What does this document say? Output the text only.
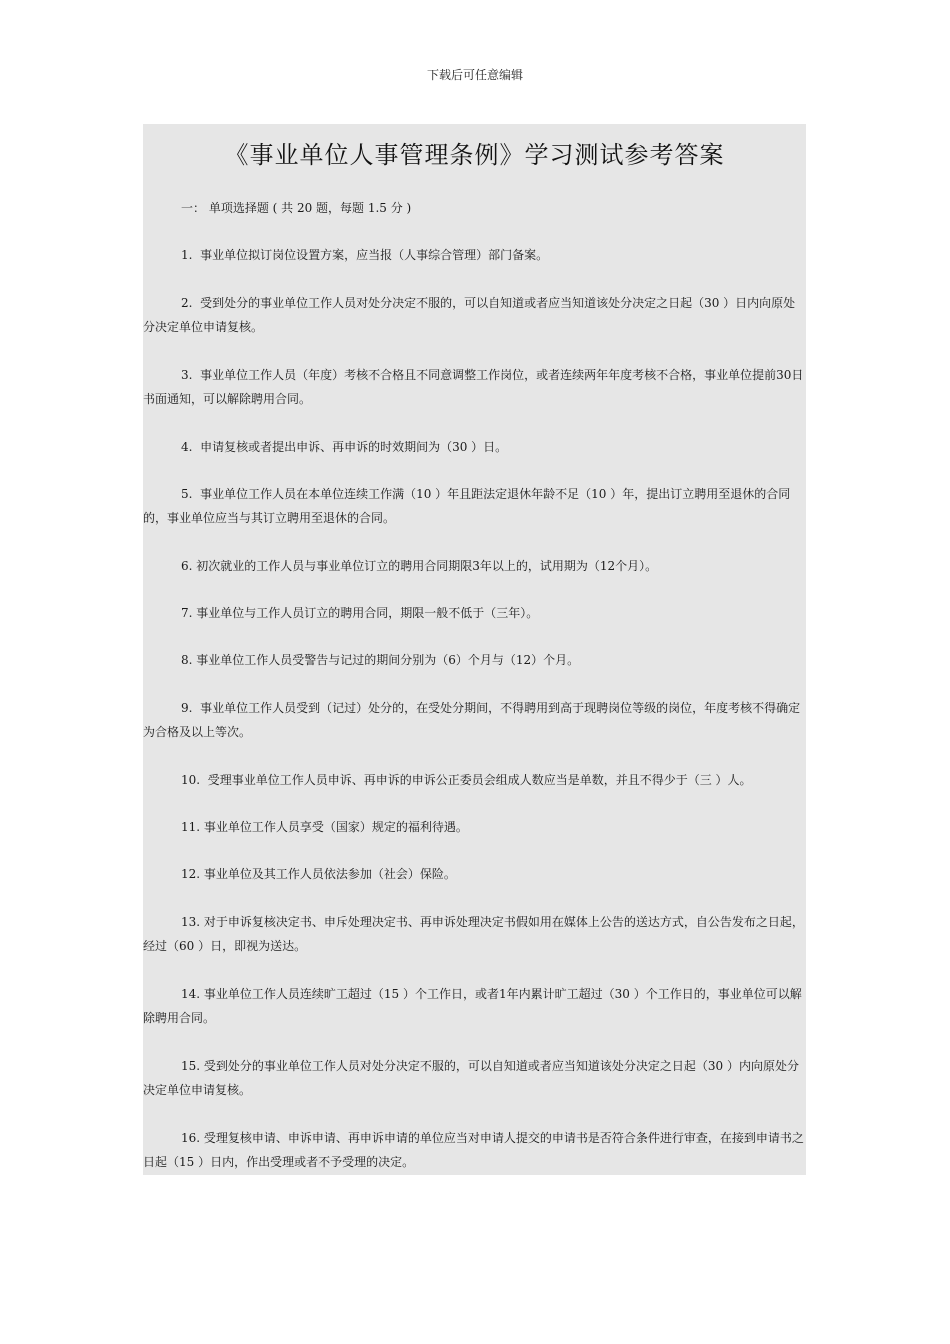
下载后可任意编辑
《事业单位人事管理条例》学习测试参考答案
一： 单项选择题 ( 共 20 题，每题 1.5 分 )
1.  事业单位拟订岗位设置方案，应当报（人事综合管理）部门备案。
2.  受到处分的事业单位工作人员对处分决定不服的，可以自知道或者应当知道该处分决定之日起（30 ）日内向原处分决定单位申请复核。
3.  事业单位工作人员（年度）考核不合格且不同意调整工作岗位，或者连续两年年度考核不合格，事业单位提前30日书面通知，可以解除聘用合同。
4.  申请复核或者提出申诉、再申诉的时效期间为（30 ）日。
5.  事业单位工作人员在本单位连续工作满（10 ）年且距法定退休年龄不足（10 ）年，提出订立聘用至退休的合同的，事业单位应当与其订立聘用至退休的合同。
6. 初次就业的工作人员与事业单位订立的聘用合同期限3年以上的，试用期为（12个月）。
7. 事业单位与工作人员订立的聘用合同，期限一般不低于（三年）。
8. 事业单位工作人员受警告与记过的期间分别为（6）个月与（12）个月。
9.  事业单位工作人员受到（记过）处分的，在受处分期间，不得聘用到高于现聘岗位等级的岗位，年度考核不得确定为合格及以上等次。
10.  受理事业单位工作人员申诉、再申诉的申诉公正委员会组成人数应当是单数，并且不得少于（三 ）人。
11. 事业单位工作人员享受（国家）规定的福利待遇。
12. 事业单位及其工作人员依法参加（社会）保险。
13. 对于申诉复核决定书、申斥处理决定书、再申诉处理决定书假如用在媒体上公告的送达方式，自公告发布之日起，经过（60 ）日，即视为送达。
14. 事业单位工作人员连续旷工超过（15 ）个工作日，或者1年内累计旷工超过（30 ）个工作日的，事业单位可以解除聘用合同。
15. 受到处分的事业单位工作人员对处分决定不服的，可以自知道或者应当知道该处分决定之日起（30 ）内向原处分决定单位申请复核。
16. 受理复核申请、申诉申请、再申诉申请的单位应当对申请人提交的申请书是否符合条件进行审查，在接到申请书之日起（15 ）日内，作出受理或者不予受理的决定。
